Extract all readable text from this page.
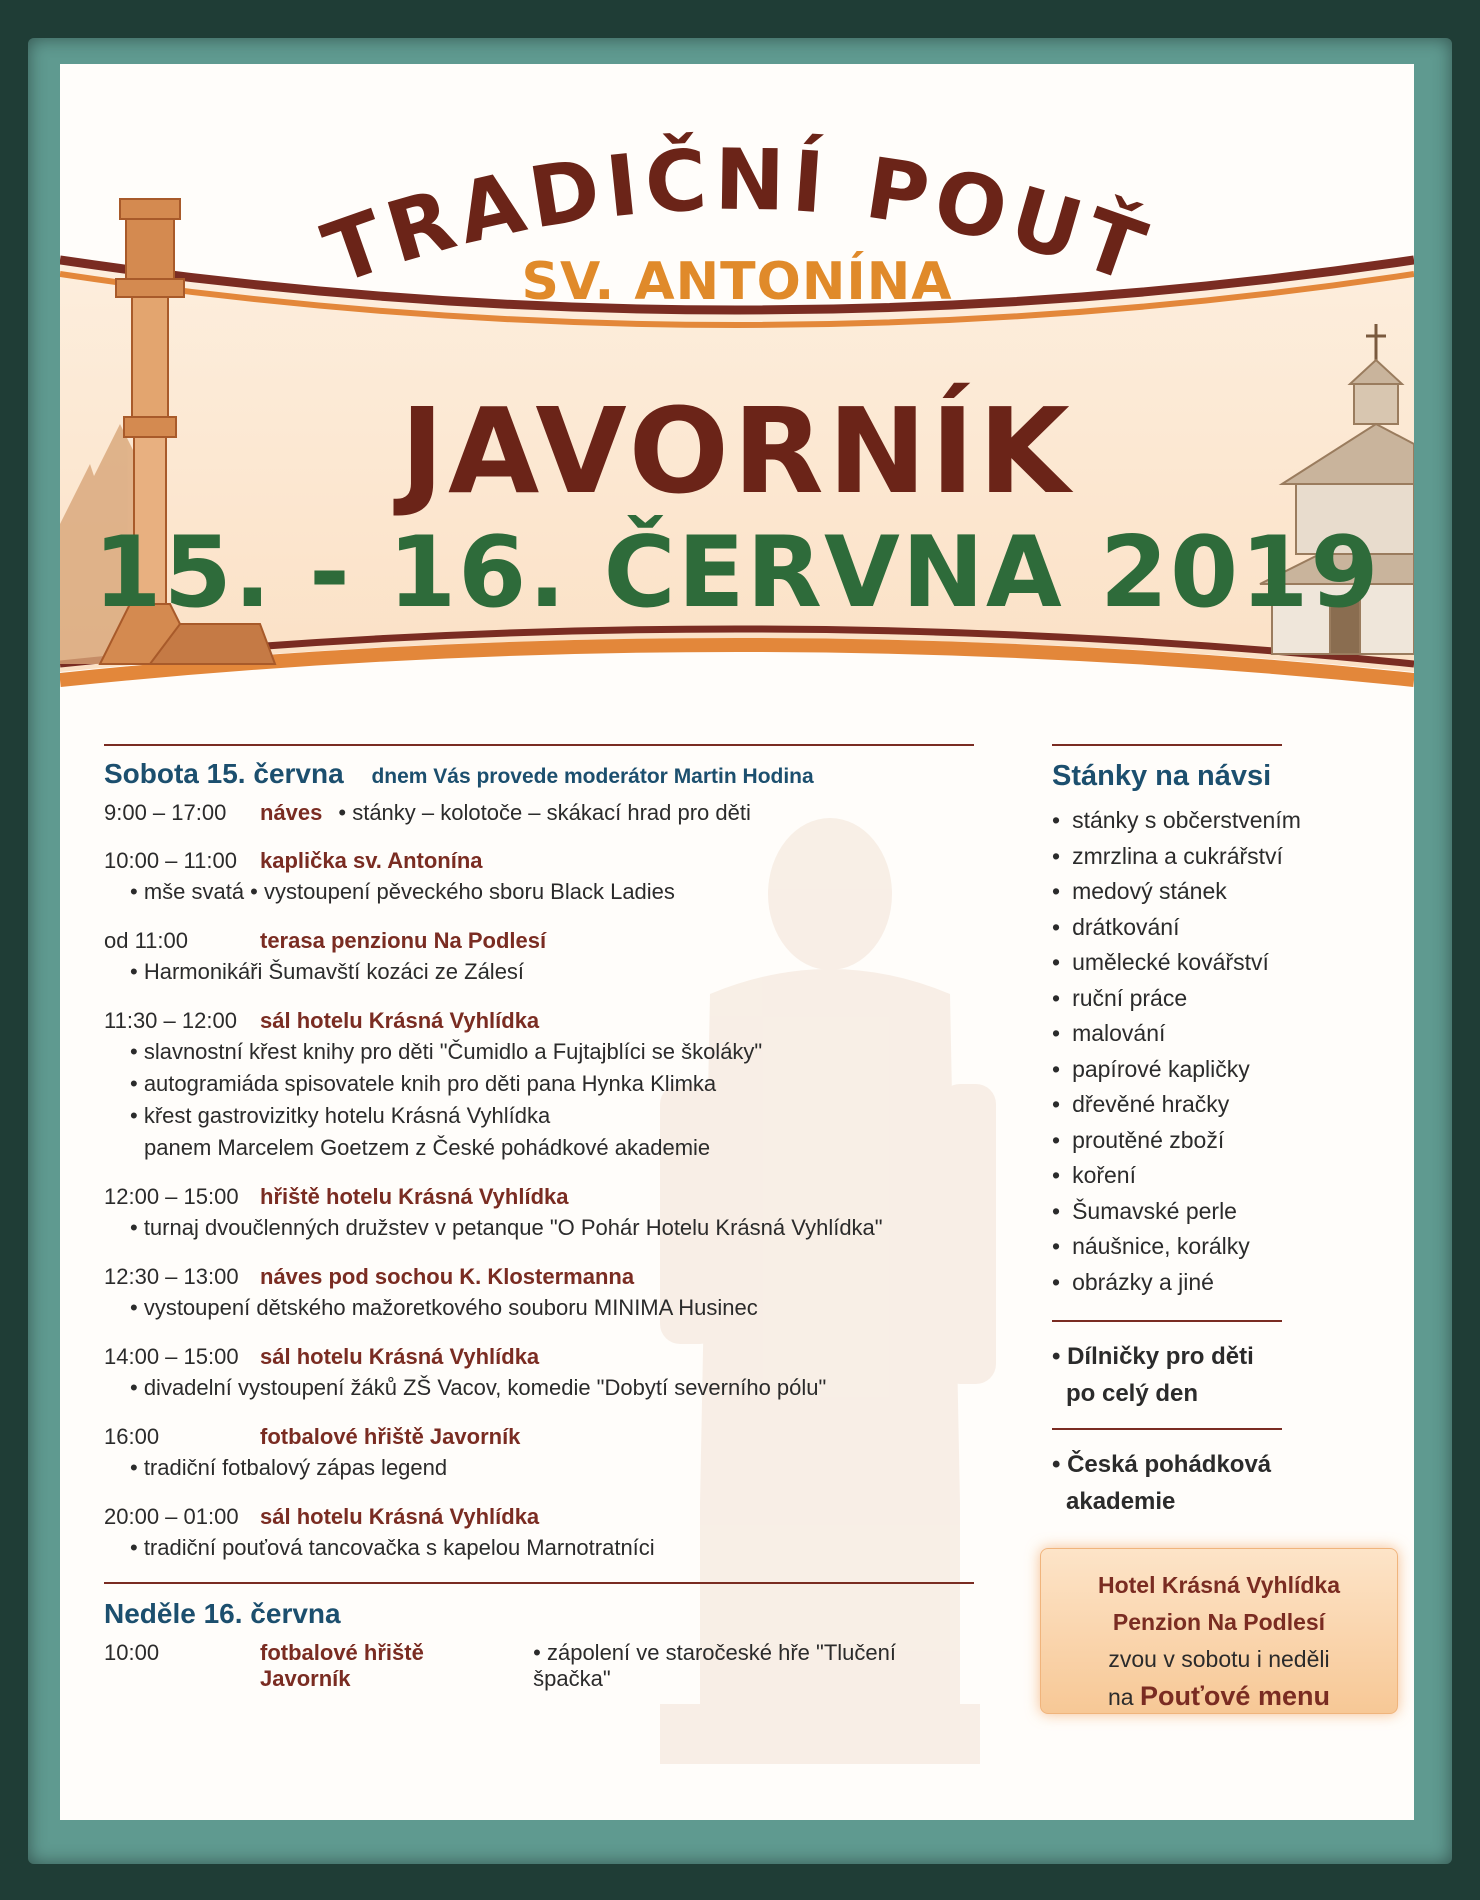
TRADIČNÍ POUŤ
SV. ANTONÍNA
JAVORNÍK
15. - 16. ČERVNA 2019
Sobota 15. června dnem Vás provede moderátor Martin Hodina
9:00 – 17:00	náves • stánky – kolotoče – skákací hrad pro děti
10:00 – 11:00	kaplička sv. Antonína
• mše svatá • vystoupení pěveckého sboru Black Ladies
od 11:00	terasa penzionu Na Podlesí
• Harmonikáři Šumavští kozáci ze Zálesí
11:30 – 12:00	sál hotelu Krásná Vyhlídka
• slavnostní křest knihy pro děti "Čumidlo a Fujtajblíci se školáky"
• autogramiáda spisovatele knih pro děti pana Hynka Klimka
• křest gastrovizitky hotelu Krásná Vyhlídka
panem Marcelem Goetzem z České pohádkové akademie
12:00 – 15:00 hřiště hotelu Krásná Vyhlídka
• turnaj dvoučlenných družstev v petanque "O Pohár Hotelu Krásná Vyhlídka"
12:30 – 13:00 náves pod sochou K. Klostermanna
• vystoupení dětského mažoretkového souboru MINIMA Husinec
14:00 – 15:00 sál hotelu Krásná Vyhlídka
• divadelní vystoupení žáků ZŠ Vacov, komedie "Dobytí severního pólu"
16:00	fotbalové hřiště Javorník
• tradiční fotbalový zápas legend
20:00 – 01:00 sál hotelu Krásná Vyhlídka
• tradiční pouťová tancovačka s kapelou Marnotratníci
Neděle 16. června
10:00	fotbalové hřiště Javorník
• zápolení ve staročeské hře "Tlučení špačka"
Stánky na návsi
• stánky s občerstvením
• zmrzlina a cukrářství
• medový stánek
• drátkování
• umělecké kovářství
• ruční práce
• malování
• papírové kapličky
• dřevěné hračky
• proutěné zboží
• koření
• Šumavské perle
• náušnice, korálky
• obrázky a jiné
• Dílničky pro děti
po celý den
• Česká pohádková
akademie
Hotel Krásná Vyhlídka
Penzion Na Podlesí
zvou v sobotu i neděli
na Pouťové menu
